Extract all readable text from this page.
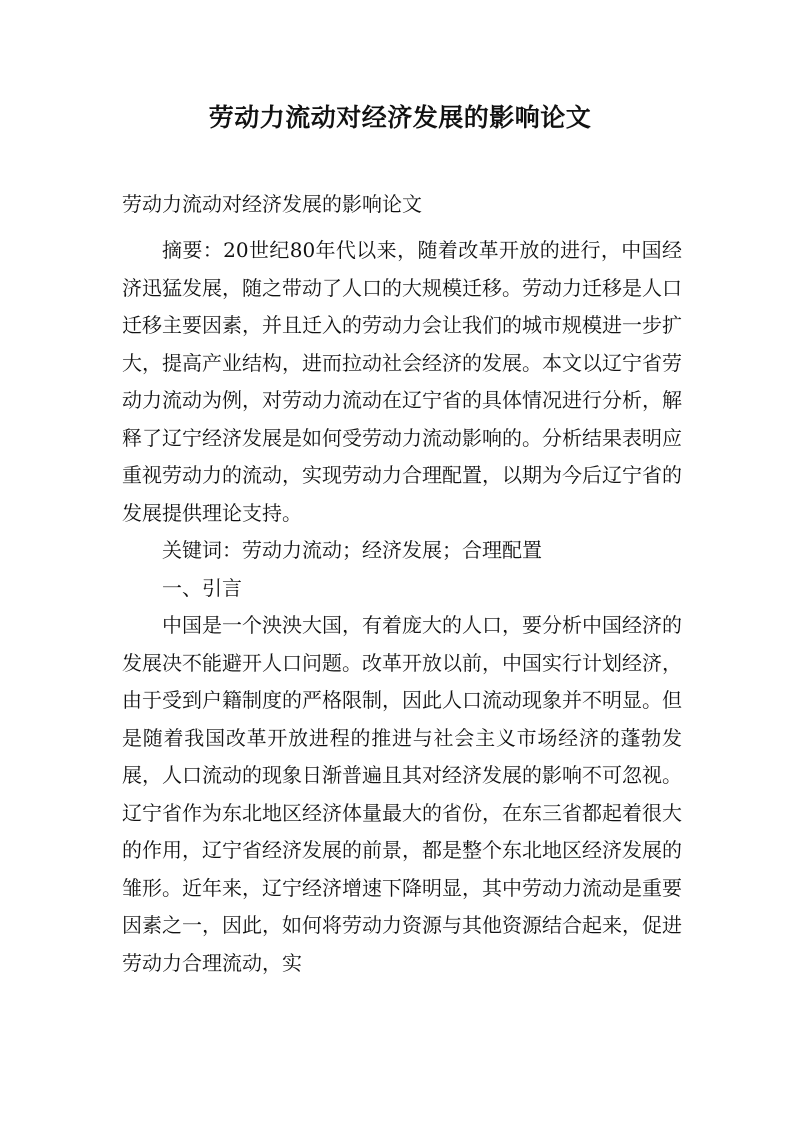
劳动力流动对经济发展的影响论文

劳动力流动对经济发展的影响论文

摘要：20世纪80年代以来，随着改革开放的进行，中国经济迅猛发展，随之带动了人口的大规模迁移。劳动力迁移是人口迁移主要因素，并且迁入的劳动力会让我们的城市规模进一步扩大，提高产业结构，进而拉动社会经济的发展。本文以辽宁省劳动力流动为例，对劳动力流动在辽宁省的具体情况进行分析，解释了辽宁经济发展是如何受劳动力流动影响的。分析结果表明应重视劳动力的流动，实现劳动力合理配置，以期为今后辽宁省的发展提供理论支持。

关键词：劳动力流动；经济发展；合理配置

一、引言

中国是一个泱泱大国，有着庞大的人口，要分析中国经济的发展决不能避开人口问题。改革开放以前，中国实行计划经济，由于受到户籍制度的严格限制，因此人口流动现象并不明显。但是随着我国改革开放进程的推进与社会主义市场经济的蓬勃发展，人口流动的现象日渐普遍且其对经济发展的影响不可忽视。辽宁省作为东北地区经济体量最大的省份，在东三省都起着很大的作用，辽宁省经济发展的前景，都是整个东北地区经济发展的雏形。近年来，辽宁经济增速下降明显，其中劳动力流动是重要因素之一，因此，如何将劳动力资源与其他资源结合起来，促进劳动力合理流动，实
